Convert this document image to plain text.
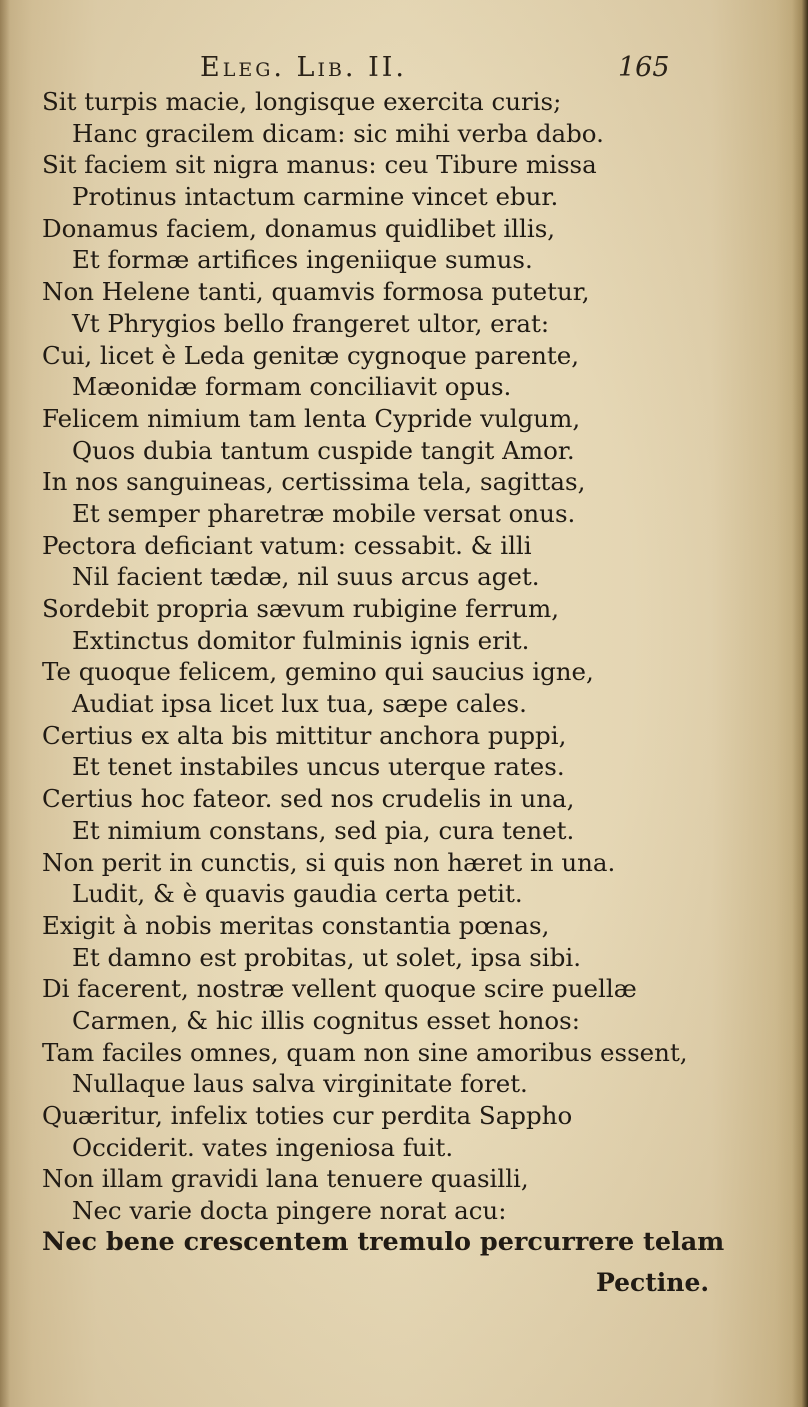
Eleg. Lib. II.	165
Sit turpis macie, longisque exercita curis;
Hanc gracilem dicam: sic mihi verba dabo.
Sit faciem sit nigra manus: ceu Tibure missa
Protinus intactum carmine vincet ebur.
Donamus faciem, donamus quidlibet illis,
Et formæ artifices ingeniique sumus.
Non Helene tanti, quamvis formosa putetur,
Vt Phrygios bello frangeret ultor, erat:
Cui, licet è Leda genitæ cygnoque parente,
Mæonidæ formam conciliavit opus.
Felicem nimium tam lenta Cypride vulgum,
Quos dubia tantum cuspide tangit Amor.
In nos sanguineas, certissima tela, sagittas,
Et semper pharetræ mobile versat onus.
Pectora deficiant vatum: cessabit. & illi
Nil facient tædæ, nil suus arcus aget.
Sordebit propria sævum rubigine ferrum,
Extinctus domitor fulminis ignis erit.
Te quoque felicem, gemino qui saucius igne,
Audiat ipsa licet lux tua, sæpe cales.
Certius ex alta bis mittitur anchora puppi,
Et tenet instabiles uncus uterque rates.
Certius hoc fateor. sed nos crudelis in una,
Et nimium constans, sed pia, cura tenet.
Non perit in cunctis, si quis non hæret in una.
Ludit, & è quavis gaudia certa petit.
Exigit à nobis meritas constantia pœnas,
Et damno est probitas, ut solet, ipsa sibi.
Di facerent, nostræ vellent quoque scire puellæ
Carmen, & hic illis cognitus esset honos:
Tam faciles omnes, quam non sine amoribus essent,
Nullaque laus salva virginitate foret.
Quæritur, infelix toties cur perdita Sappho
Occiderit. vates ingeniosa fuit.
Non illam gravidi lana tenuere quasilli,
Nec varie docta pingere norat acu:
Nec bene crescentem tremulo percurrere telam
Pectine.
